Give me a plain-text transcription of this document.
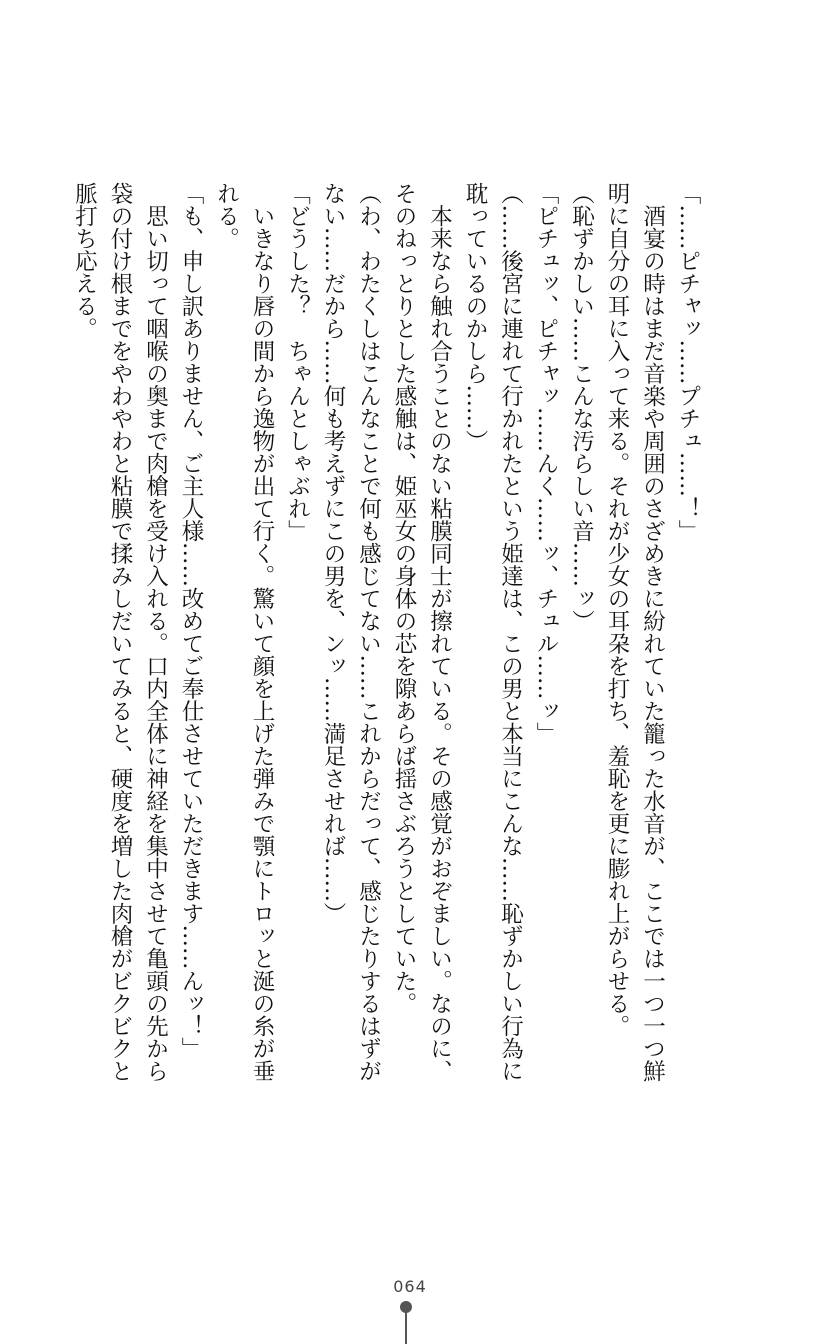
「……ピチャッ……プチュ……！」
　酒宴の時はまだ音楽や周囲のさざめきに紛れていた籠った水音が、ここでは一つ一つ鮮
明に自分の耳に入って来る。それが少女の耳朶を打ち、羞恥を更に膨れ上がらせる。
（恥ずかしい……こんな汚らしい音……ッ）
「ピチュッ、ピチャッ……んく……ッ、チュル……ッ」
（……後宮に連れて行かれたという姫達は、この男と本当にこんな……恥ずかしい行為に
耽っているのかしら……）
　本来なら触れ合うことのない粘膜同士が擦れている。その感覚がおぞましい。なのに、
そのねっとりとした感触は、姫巫女の身体の芯を隙あらば揺さぶろうとしていた。
（わ、わたくしはこんなことで何も感じてない……これからだって、感じたりするはずが
ない……だから……何も考えずにこの男を、ンッ……満足させれば……）
「どうした？　ちゃんとしゃぶれ」
　いきなり唇の間から逸物が出て行く。驚いて顔を上げた弾みで顎にトロッと涎の糸が垂
れる。
「も、申し訳ありません、ご主人様……改めてご奉仕させていただきます……んッ！」
　思い切って咽喉の奥まで肉槍を受け入れる。口内全体に神経を集中させて亀頭の先から
袋の付け根までをやわやわと粘膜で揉みしだいてみると、硬度を増した肉槍がビクビクと
脈打ち応える。
064
